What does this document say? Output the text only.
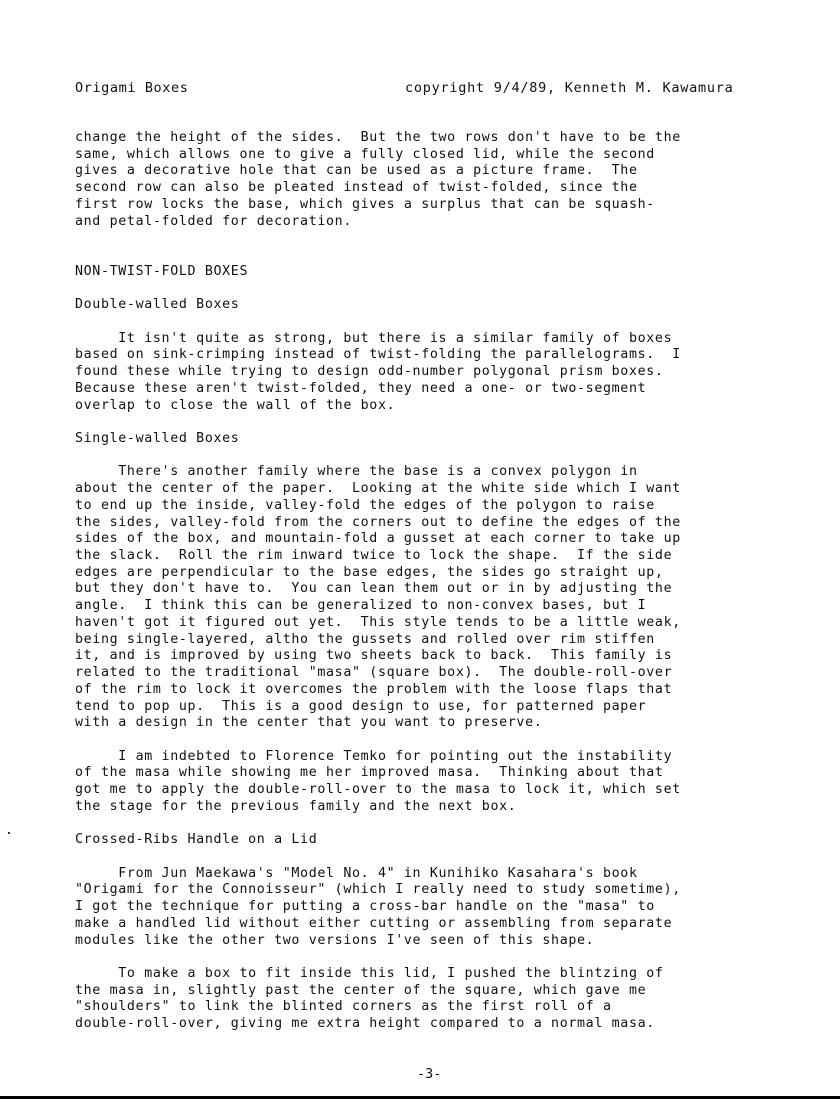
Origami Boxes	copyright 9/4/89, Kenneth M. Kawamura

change the height of the sides.  But the two rows don't have to be the

same, which allows one to give a fully closed lid, while the second

gives a decorative hole that can be used as a picture frame.  The

second row can also be pleated instead of twist-folded, since the

first row locks the base, which gives a surplus that can be squash-

and petal-folded for decoration.

NON-TWIST-FOLD BOXES

Double-walled Boxes

It isn't quite as strong, but there is a similar family of boxes

based on sink-crimping instead of twist-folding the parallelograms.  I

found these while trying to design odd-number polygonal prism boxes.

Because these aren't twist-folded, they need a one- or two-segment

overlap to close the wall of the box.

Single-walled Boxes

There's another family where the base is a convex polygon in

about the center of the paper.  Looking at the white side which I want

to end up the inside, valley-fold the edges of the polygon to raise

the sides, valley-fold from the corners out to define the edges of the

sides of the box, and mountain-fold a gusset at each corner to take up

the slack.  Roll the rim inward twice to lock the shape.  If the side

edges are perpendicular to the base edges, the sides go straight up,

but they don't have to.  You can lean them out or in by adjusting the

angle.  I think this can be generalized to non-convex bases, but I

haven't got it figured out yet.  This style tends to be a little weak,

being single-layered, altho the gussets and rolled over rim stiffen

it, and is improved by using two sheets back to back.  This family is

related to the traditional "masa" (square box).  The double-roll-over

of the rim to lock it overcomes the problem with the loose flaps that

tend to pop up.  This is a good design to use, for patterned paper

with a design in the center that you want to preserve.

I am indebted to Florence Temko for pointing out the instability

of the masa while showing me her improved masa.  Thinking about that

got me to apply the double-roll-over to the masa to lock it, which set

the stage for the previous family and the next box.

Crossed-Ribs Handle on a Lid

From Jun Maekawa's "Model No. 4" in Kunihiko Kasahara's book

"Origami for the Connoisseur" (which I really need to study sometime),

I got the technique for putting a cross-bar handle on the "masa" to

make a handled lid without either cutting or assembling from separate

modules like the other two versions I've seen of this shape.

To make a box to fit inside this lid, I pushed the blintzing of

the masa in, slightly past the center of the square, which gave me

"shoulders" to link the blinted corners as the first roll of a

double-roll-over, giving me extra height compared to a normal masa.

-3-
